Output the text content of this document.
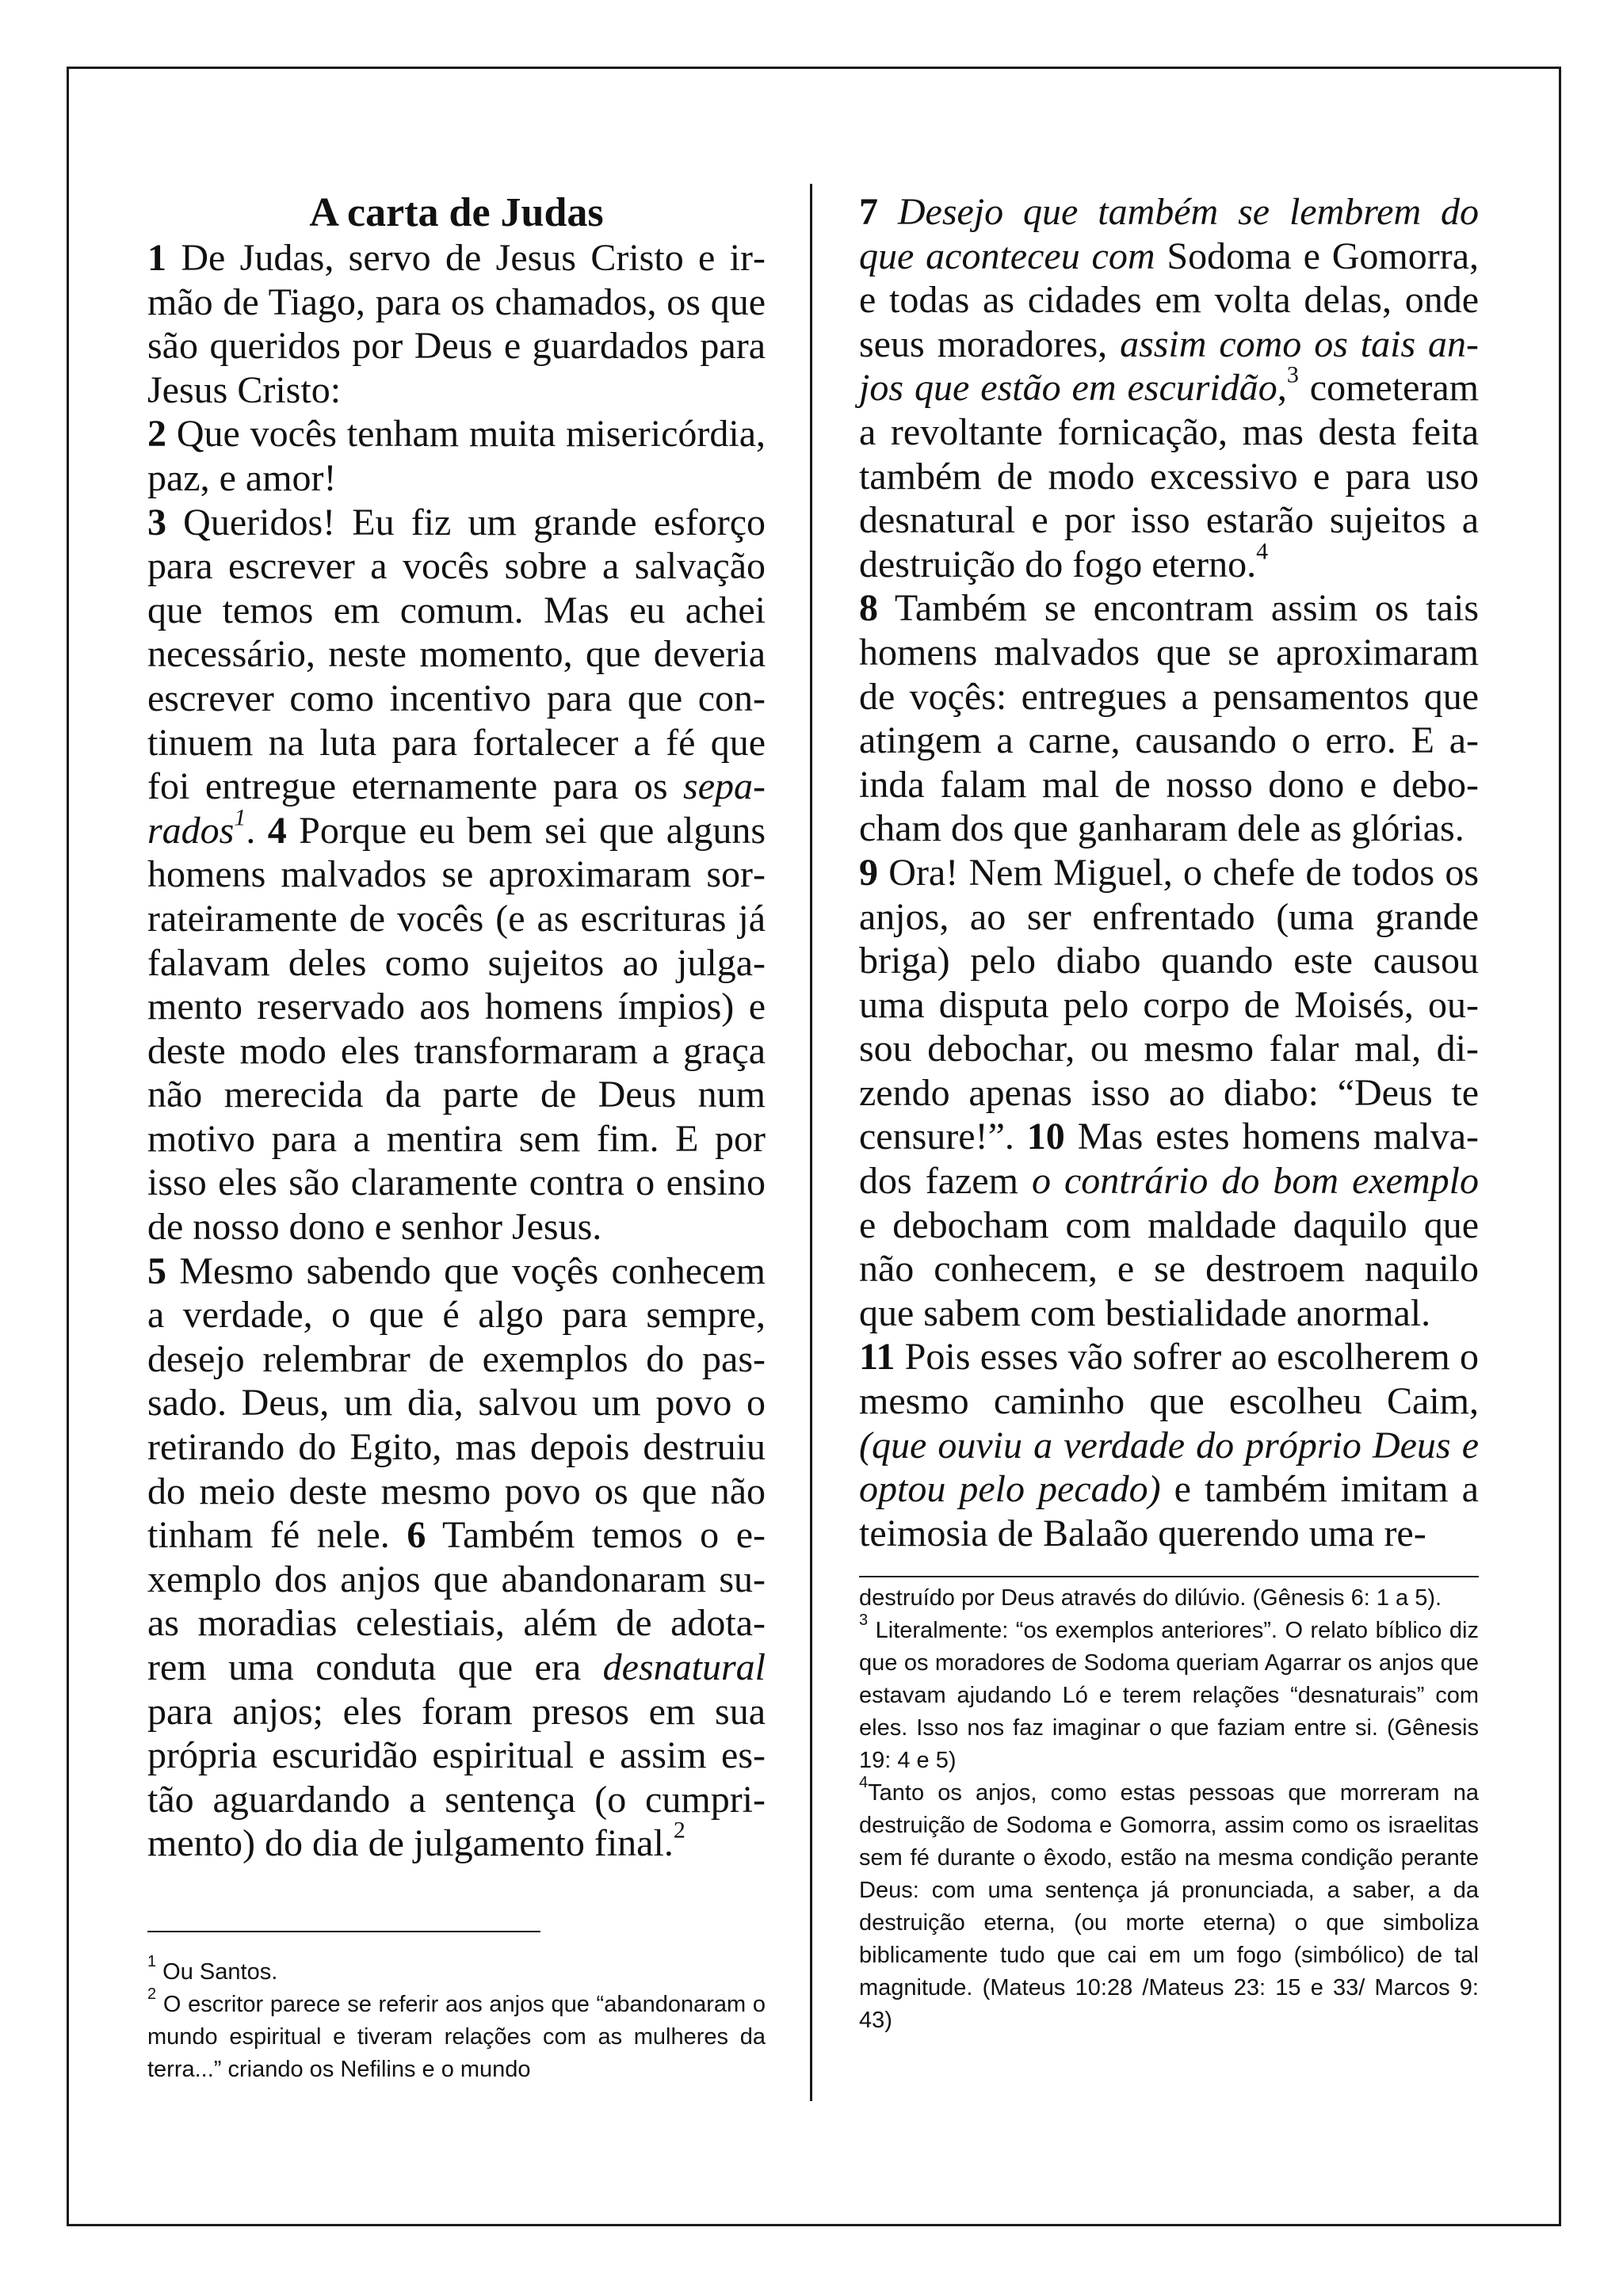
A carta de Judas

1 De Judas, servo de Jesus Cristo e irmão de Tiago, para os chamados, os que são queridos por Deus e guardados para Jesus Cristo:

2 Que vocês tenham muita misericórdia, paz, e amor!

3 Queridos! Eu fiz um grande esforço para escrever a vocês sobre a salvação que temos em comum. Mas eu achei necessário, neste momento, que deveria escrever como incentivo para que continuem na luta para fortalecer a fé que foi entregue eternamente para os separados$^1$. 4 Porque eu bem sei que alguns homens malvados se aproximaram sorrateiramente de vocês (e as escrituras já falavam deles como sujeitos ao julgamento reservado aos homens ímpios) e deste modo eles transformaram a graça não merecida da parte de Deus num motivo para a mentira sem fim. E por isso eles são claramente contra o ensino de nosso dono e senhor Jesus.

5 Mesmo sabendo que voçês conhecem a verdade, o que é algo para sempre, desejo relembrar de exemplos do passado. Deus, um dia, salvou um povo o retirando do Egito, mas depois destruiu do meio deste mesmo povo os que não tinham fé nele. 6 Também temos o exemplo dos anjos que abandonaram suas moradias celestiais, além de adotarem uma conduta que era desnatural para anjos; eles foram presos em sua própria escuridão espiritual e assim estão aguardando a sentença (o cumprimento) do dia de julgamento final.$^2$

$^1$ Ou Santos.

$^2$ O escritor parece se referir aos anjos que “abandonaram o mundo espiritual e tiveram relações com as mulheres da terra...” criando os Nefilins e o mundo

7 Desejo que também se lembrem do que aconteceu com Sodoma e Gomorra, e todas as cidades em volta delas, onde seus moradores, assim como os tais anjos que estão em escuridão,$^3$ cometeram a revoltante fornicação, mas desta feita também de modo excessivo e para uso desnatural e por isso estarão sujeitos a destruição do fogo eterno.$^4$

8 Também se encontram assim os tais homens malvados que se aproximaram de voçês: entregues a pensamentos que atingem a carne, causando o erro. E ainda falam mal de nosso dono e debocham dos que ganharam dele as glórias.

9 Ora! Nem Miguel, o chefe de todos os anjos, ao ser enfrentado (uma grande briga) pelo diabo quando este causou uma disputa pelo corpo de Moisés, ousou debochar, ou mesmo falar mal, dizendo apenas isso ao diabo: “Deus te censure!”. 10 Mas estes homens malvados fazem o contrário do bom exemplo e debocham com maldade daquilo que não conhecem, e se destroem naquilo que sabem com bestialidade anormal.

11 Pois esses vão sofrer ao escolherem o mesmo caminho que escolheu Caim, (que ouviu a verdade do próprio Deus e optou pelo pecado) e também imitam a teimosia de Balaão querendo uma re-

destruído por Deus através do dilúvio. (Gênesis 6: 1 a 5).

$^3$ Literalmente: “os exemplos anteriores”. O relato bíblico diz que os moradores de Sodoma queriam Agarrar os anjos que estavam ajudando Ló e terem relações “desnaturais” com eles. Isso nos faz imaginar o que faziam entre si. (Gênesis 19: 4 e 5)

$^4$Tanto os anjos, como estas pessoas que morreram na destruição de Sodoma e Gomorra, assim como os israelitas sem fé durante o êxodo, estão na mesma condição perante Deus: com uma sentença já pronunciada, a saber, a da destruição eterna, (ou morte eterna) o que simboliza biblicamente tudo que cai em um fogo (simbólico) de tal magnitude. (Mateus 10:28 /Mateus 23: 15 e 33/ Marcos 9: 43)
